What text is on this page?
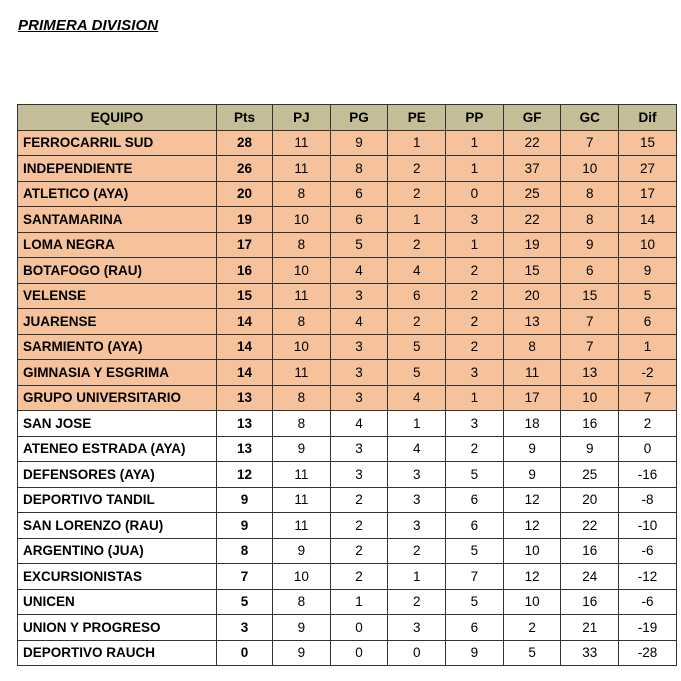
PRIMERA DIVISION
EQUIPO	Pts	PJ	PG	PE	PP	GF	GC	Dif
FERROCARRIL SUD	28	11	9	1	1	22	7	15
INDEPENDIENTE	26	11	8	2	1	37	10	27
ATLETICO (AYA)	20	8	6	2	0	25	8	17
SANTAMARINA	19	10	6	1	3	22	8	14
LOMA NEGRA	17	8	5	2	1	19	9	10
BOTAFOGO (RAU)	16	10	4	4	2	15	6	9
VELENSE	15	11	3	6	2	20	15	5
JUARENSE	14	8	4	2	2	13	7	6
SARMIENTO (AYA)	14	10	3	5	2	8	7	1
GIMNASIA Y ESGRIMA	14	11	3	5	3	11	13	-2
GRUPO UNIVERSITARIO	13	8	3	4	1	17	10	7
SAN JOSE	13	8	4	1	3	18	16	2
ATENEO ESTRADA (AYA)	13	9	3	4	2	9	9	0
DEFENSORES (AYA)	12	11	3	3	5	9	25	-16
DEPORTIVO TANDIL	9	11	2	3	6	12	20	-8
SAN LORENZO (RAU)	9	11	2	3	6	12	22	-10
ARGENTINO (JUA)	8	9	2	2	5	10	16	-6
EXCURSIONISTAS	7	10	2	1	7	12	24	-12
UNICEN	5	8	1	2	5	10	16	-6
UNION Y PROGRESO	3	9	0	3	6	2	21	-19
DEPORTIVO RAUCH	0	9	0	0	9	5	33	-28
